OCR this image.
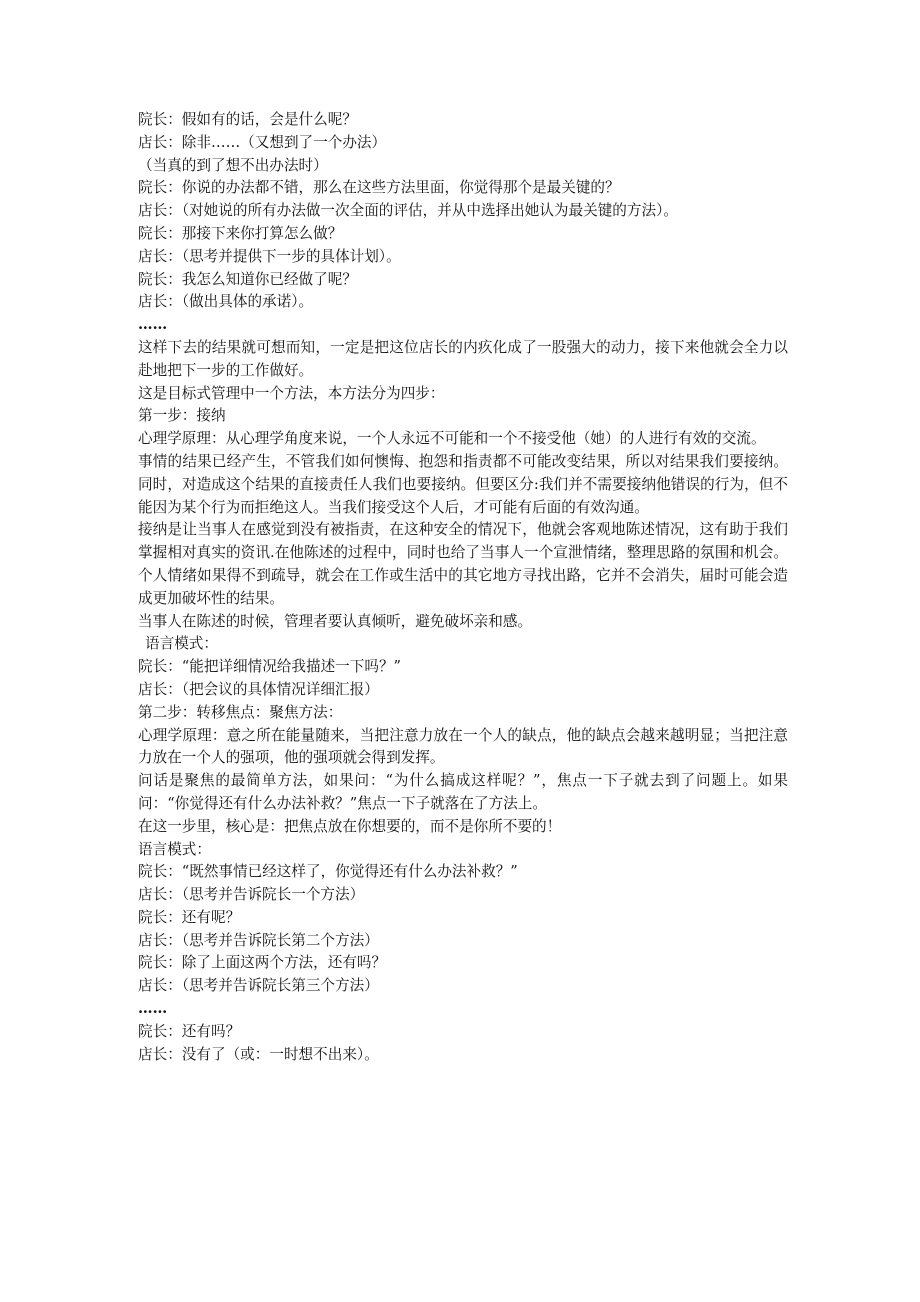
院长：假如有的话，会是什么呢？
店长：除非……（又想到了一个办法）
（当真的到了想不出办法时）
院长：你说的办法都不错，那么在这些方法里面，你觉得那个是最关键的？
店长：（对她说的所有办法做一次全面的评估，并从中选择出她认为最关键的方法）。
院长：那接下来你打算怎么做？
店长：（思考并提供下一步的具体计划）。
院长：我怎么知道你已经做了呢？
店长：（做出具体的承诺）。
……
这样下去的结果就可想而知，一定是把这位店长的内疚化成了一股强大的动力，接下来他就会全力以赴地把下一步的工作做好。
这是目标式管理中一个方法，本方法分为四步：
第一步：接纳
心理学原理：从心理学角度来说，一个人永远不可能和一个不接受他（她）的人进行有效的交流。
事情的结果已经产生，不管我们如何懊悔、抱怨和指责都不可能改变结果，所以对结果我们要接纳。同时，对造成这个结果的直接责任人我们也要接纳。但要区分:我们并不需要接纳他错误的行为，但不能因为某个行为而拒绝这人。当我们接受这个人后，才可能有后面的有效沟通。
接纳是让当事人在感觉到没有被指责，在这种安全的情况下，他就会客观地陈述情况，这有助于我们掌握相对真实的资讯.在他陈述的过程中，同时也给了当事人一个宣泄情绪，整理思路的氛围和机会。个人情绪如果得不到疏导，就会在工作或生活中的其它地方寻找出路，它并不会消失，届时可能会造成更加破坏性的结果。
当事人在陈述的时候，管理者要认真倾听，避免破坏亲和感。
语言模式：
院长：“能把详细情况给我描述一下吗？”
店长：（把会议的具体情况详细汇报）
第二步：转移焦点：聚焦方法：
心理学原理：意之所在能量随来，当把注意力放在一个人的缺点，他的缺点会越来越明显；当把注意力放在一个人的强项，他的强项就会得到发挥。
问话是聚焦的最简单方法，如果问：“为什么搞成这样呢？”，焦点一下子就去到了问题上。如果问：“你觉得还有什么办法补救？”焦点一下子就落在了方法上。
在这一步里，核心是：把焦点放在你想要的，而不是你所不要的！
语言模式：
院长：“既然事情已经这样了，你觉得还有什么办法补救？”
店长：（思考并告诉院长一个方法）
院长：还有呢？
店长：（思考并告诉院长第二个方法）
院长：除了上面这两个方法，还有吗？
店长：（思考并告诉院长第三个方法）
……
院长：还有吗？
店长：没有了（或：一时想不出来）。
